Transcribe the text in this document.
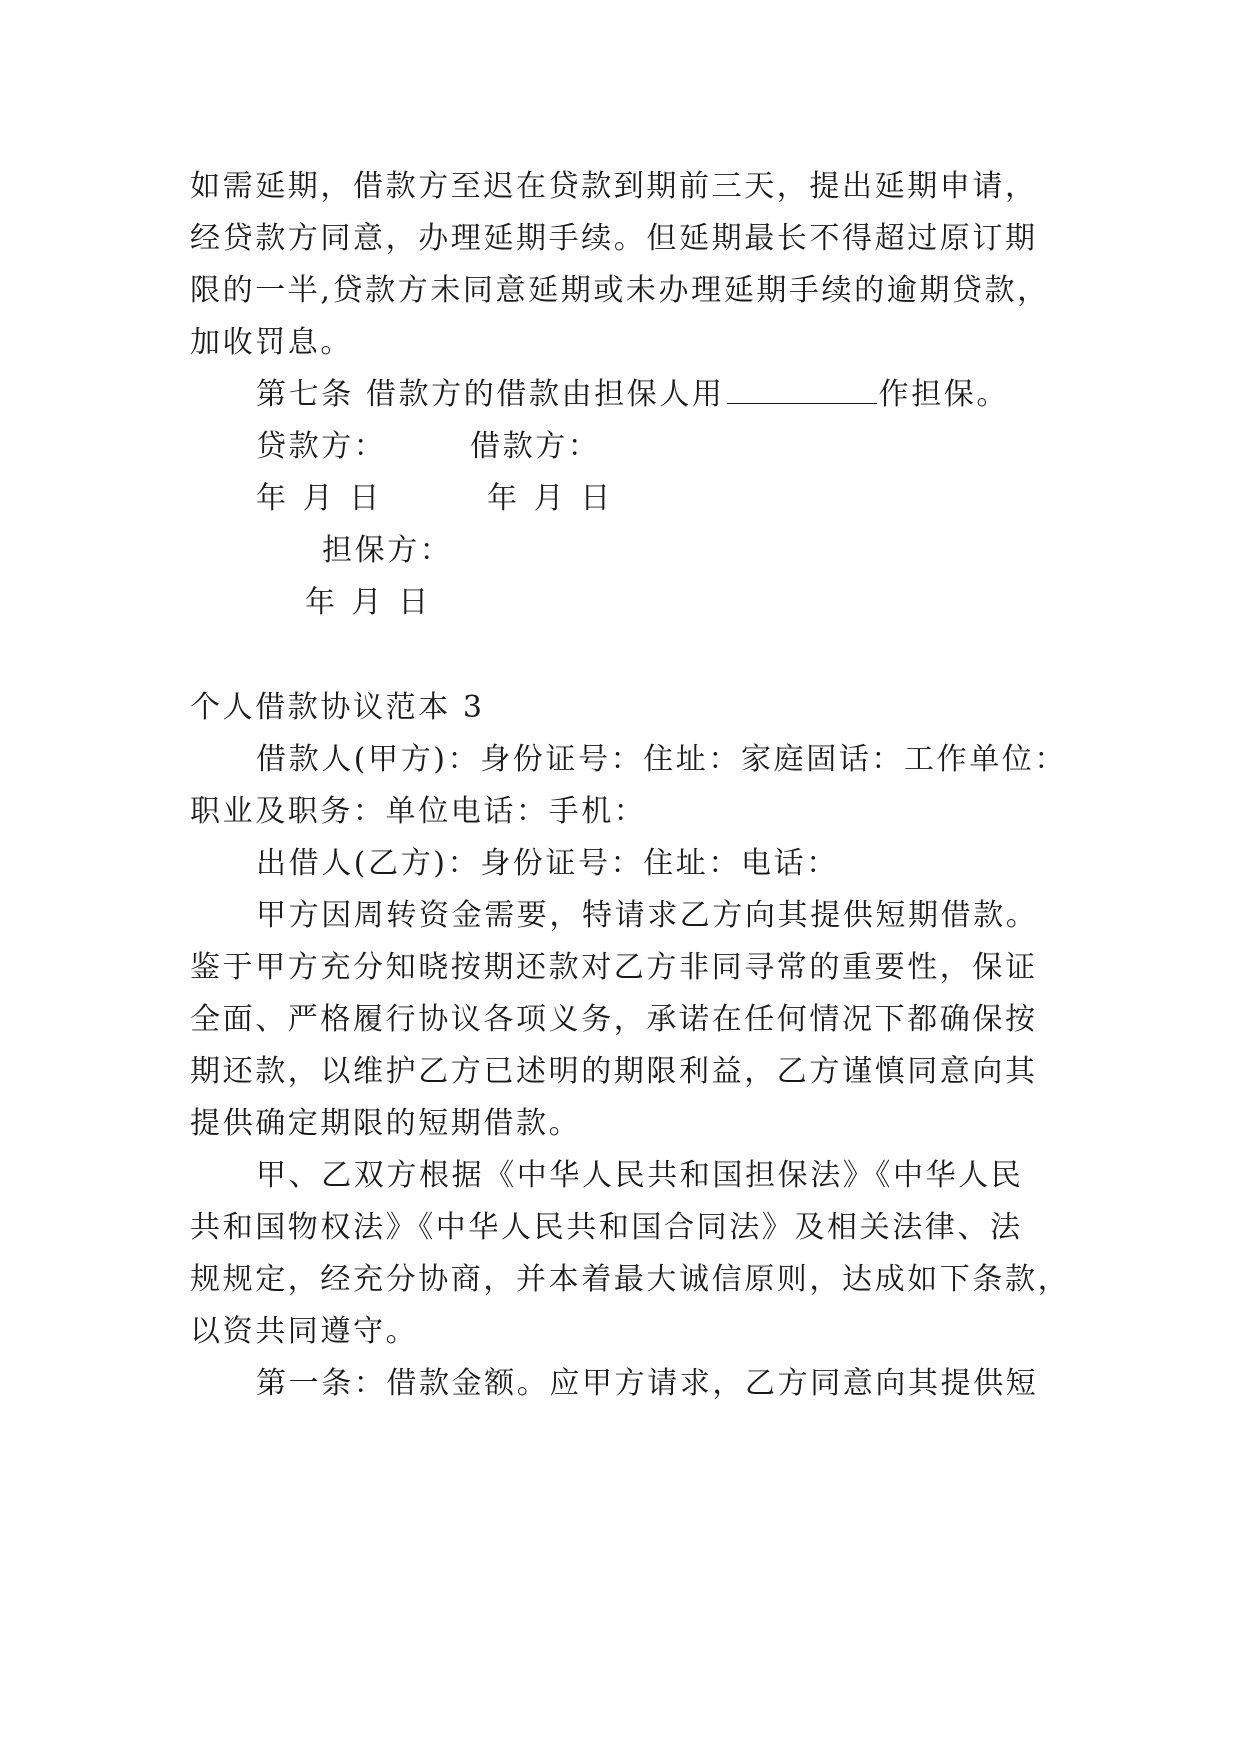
如需延期，借款方至迟在贷款到期前三天，提出延期申请，
经贷款方同意，办理延期手续。但延期最长不得超过原订期
限的一半,贷款方未同意延期或未办理延期手续的逾期贷款，
加收罚息。
第七条 借款方的借款由担保人用	作担保。
贷款方：	借款方：
年 月 日	年 月 日
担保方：
年 月 日
个人借款协议范本 3
借款人(甲方)：身份证号：住址：家庭固话：工作单位：
职业及职务：单位电话：手机：
出借人(乙方)：身份证号：住址：电话：
甲方因周转资金需要，特请求乙方向其提供短期借款。
鉴于甲方充分知晓按期还款对乙方非同寻常的重要性，保证
全面、严格履行协议各项义务，承诺在任何情况下都确保按
期还款，以维护乙方已述明的期限利益，乙方谨慎同意向其
提供确定期限的短期借款。
甲、乙双方根据《中华人民共和国担保法》《中华人民
共和国物权法》《中华人民共和国合同法》及相关法律、法
规规定，经充分协商，并本着最大诚信原则，达成如下条款，
以资共同遵守。
第一条：借款金额。应甲方请求，乙方同意向其提供短
